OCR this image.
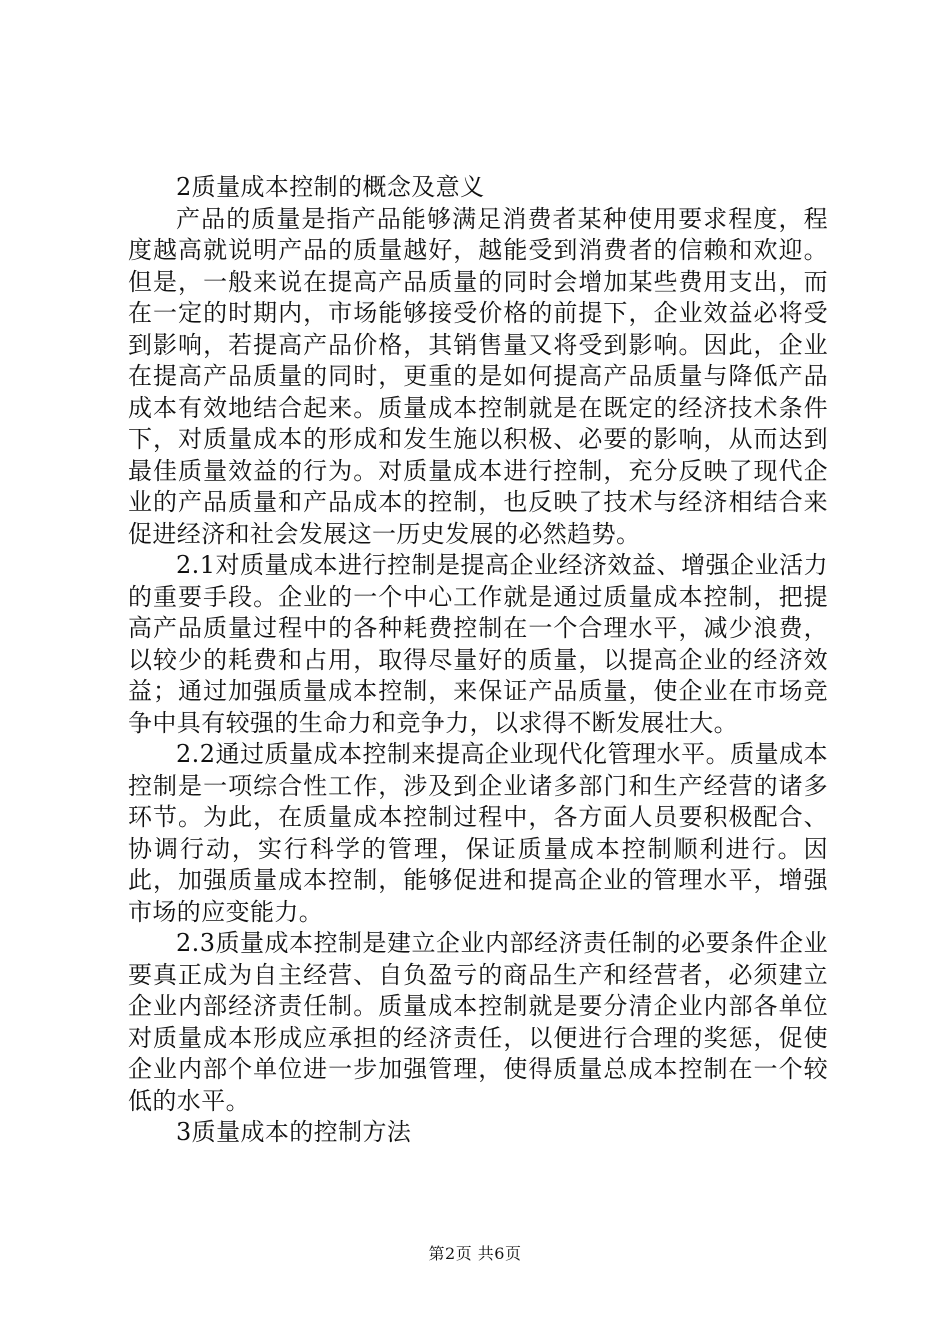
2质量成本控制的概念及意义

产品的质量是指产品能够满足消费者某种使用要求程度，程度越高就说明产品的质量越好，越能受到消费者的信赖和欢迎。但是，一般来说在提高产品质量的同时会增加某些费用支出，而在一定的时期内，市场能够接受价格的前提下，企业效益必将受到影响，若提高产品价格，其销售量又将受到影响。因此，企业在提高产品质量的同时，更重的是如何提高产品质量与降低产品成本有效地结合起来。质量成本控制就是在既定的经济技术条件下，对质量成本的形成和发生施以积极、必要的影响，从而达到最佳质量效益的行为。对质量成本进行控制，充分反映了现代企业的产品质量和产品成本的控制，也反映了技术与经济相结合来促进经济和社会发展这一历史发展的必然趋势。

2.1对质量成本进行控制是提高企业经济效益、增强企业活力的重要手段。企业的一个中心工作就是通过质量成本控制，把提高产品质量过程中的各种耗费控制在一个合理水平，减少浪费，以较少的耗费和占用，取得尽量好的质量，以提高企业的经济效益；通过加强质量成本控制，来保证产品质量，使企业在市场竞争中具有较强的生命力和竞争力，以求得不断发展壮大。

2.2通过质量成本控制来提高企业现代化管理水平。质量成本控制是一项综合性工作，涉及到企业诸多部门和生产经营的诸多环节。为此，在质量成本控制过程中，各方面人员要积极配合、协调行动，实行科学的管理，保证质量成本控制顺利进行。因此，加强质量成本控制，能够促进和提高企业的管理水平，增强市场的应变能力。

2.3质量成本控制是建立企业内部经济责任制的必要条件企业要真正成为自主经营、自负盈亏的商品生产和经营者，必须建立企业内部经济责任制。质量成本控制就是要分清企业内部各单位对质量成本形成应承担的经济责任，以便进行合理的奖惩，促使企业内部个单位进一步加强管理，使得质量总成本控制在一个较低的水平。

3质量成本的控制方法

第2页 共6页
